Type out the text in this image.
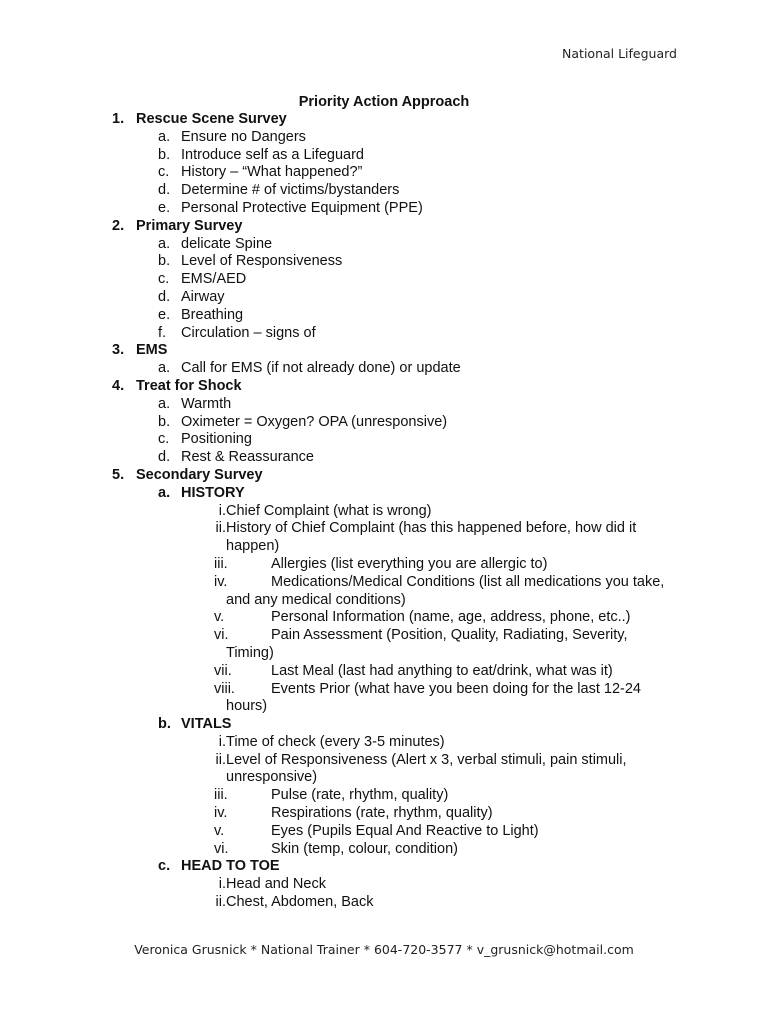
National Lifeguard
Priority Action Approach
1. Rescue Scene Survey
a. Ensure no Dangers
b. Introduce self as a Lifeguard
c. History – “What happened?”
d. Determine # of victims/bystanders
e. Personal Protective Equipment (PPE)
2. Primary Survey
a. delicate Spine
b. Level of Responsiveness
c. EMS/AED
d. Airway
e. Breathing
f. Circulation – signs of
3. EMS
a. Call for EMS (if not already done) or update
4. Treat for Shock
a. Warmth
b. Oximeter = Oxygen? OPA (unresponsive)
c. Positioning
d. Rest & Reassurance
5. Secondary Survey
a. HISTORY
i. Chief Complaint (what is wrong)
ii. History of Chief Complaint (has this happened before, how did it happen)
iii.	Allergies (list everything you are allergic to)
iv.	Medications/Medical Conditions (list all medications you take, and any medical conditions)
v.	Personal Information (name, age, address, phone, etc..)
vi.	Pain Assessment (Position, Quality, Radiating, Severity, Timing)
vii.	Last Meal (last had anything to eat/drink, what was it)
viii.	Events Prior (what have you been doing for the last 12-24 hours)
b. VITALS
i. Time of check (every 3-5 minutes)
ii. Level of Responsiveness (Alert x 3, verbal stimuli, pain stimuli, unresponsive)
iii.	Pulse (rate, rhythm, quality)
iv.	Respirations (rate, rhythm, quality)
v.	Eyes (Pupils Equal And Reactive to Light)
vi.	Skin (temp, colour, condition)
c. HEAD TO TOE
i. Head and Neck
ii. Chest, Abdomen, Back
Veronica Grusnick * National Trainer * 604-720-3577 * v_grusnick@hotmail.com
